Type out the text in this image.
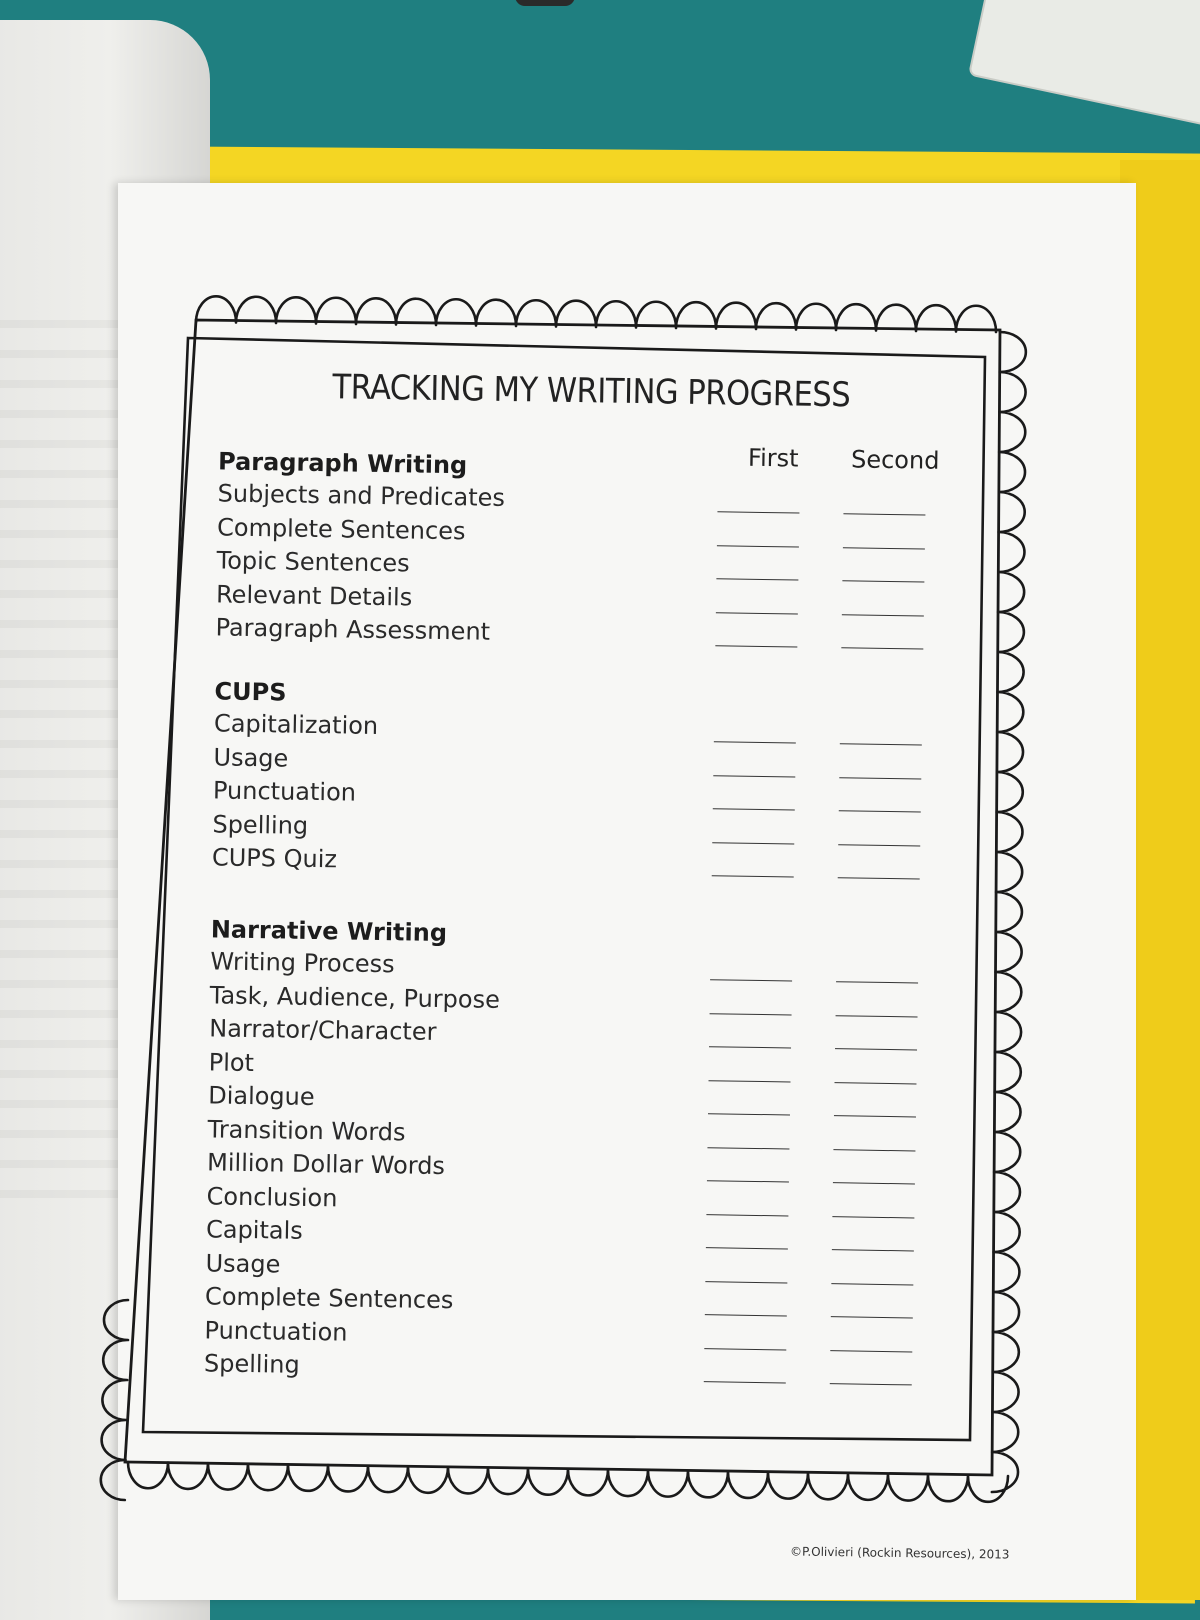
TRACKING MY WRITING PROGRESS
First	Second
Paragraph Writing
Subjects and Predicates
Complete Sentences
Topic Sentences
Relevant Details
Paragraph Assessment
CUPS
Capitalization
Usage
Punctuation
Spelling
CUPS Quiz
Narrative Writing
Writing Process
Task, Audience, Purpose
Narrator/Character
Plot
Dialogue
Transition Words
Million Dollar Words
Conclusion
Capitals
Usage
Complete Sentences
Punctuation
Spelling
©P.Olivieri (Rockin Resources), 2013
